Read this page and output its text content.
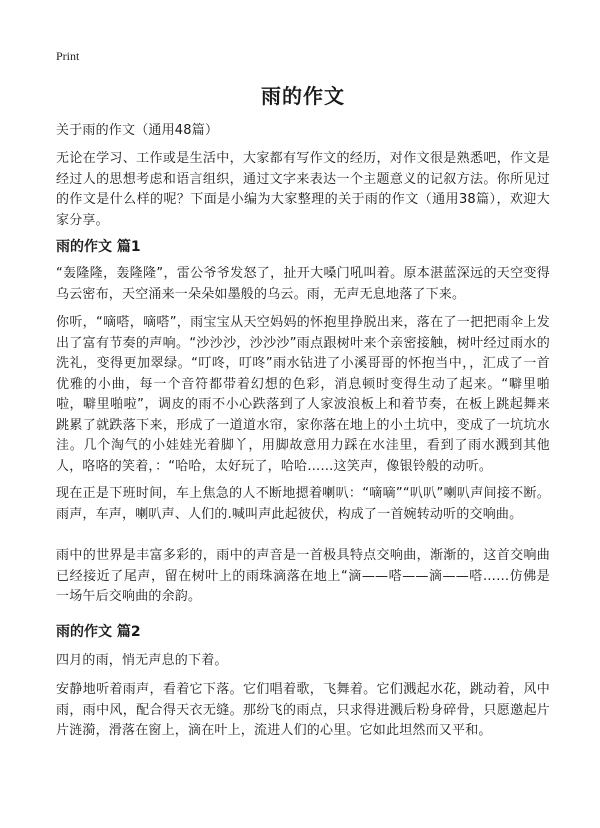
Print
雨的作文

关于雨的作文（通用48篇）

无论在学习、工作或是生活中，大家都有写作文的经历，对作文很是熟悉吧，作文是经过人的思想考虑和语言组织，通过文字来表达一个主题意义的记叙方法。你所见过的作文是什么样的呢？下面是小编为大家整理的关于雨的作文（通用38篇），欢迎大家分享。

雨的作文 篇1

“轰隆隆，轰隆隆”，雷公爷爷发怒了，扯开大嗓门吼叫着。原本湛蓝深远的天空变得乌云密布，天空涌来一朵朵如墨般的乌云。雨，无声无息地落了下来。

你听，“嘀嗒，嘀嗒”，雨宝宝从天空妈妈的怀抱里挣脱出来，落在了一把把雨伞上发出了富有节奏的声响。“沙沙沙，沙沙沙”雨点跟树叶来个亲密接触，树叶经过雨水的洗礼，变得更加翠绿。“叮咚，叮咚”雨水钻进了小溪哥哥的怀抱当中，，汇成了一首优雅的小曲，每一个音符都带着幻想的色彩，消息顿时变得生动了起来。“噼里啪啦，噼里啪啦”，调皮的雨不小心跌落到了人家波浪板上和着节奏，在板上跳起舞来跳累了就跌落下来，形成了一道道水帘，家你落在地上的小土坑中，变成了一坑坑水洼。几个淘气的小娃娃光着脚丫，用脚故意用力踩在水洼里，看到了雨水溅到其他人，咯咯的笑着，：“哈哈，太好玩了，哈哈……这笑声，像银铃般的动听。

现在正是下班时间，车上焦急的人不断地摁着喇叭：“嘀嘀”“叭叭”喇叭声间接不断。雨声，车声，喇叭声、人们的.喊叫声此起彼伏，构成了一首婉转动听的交响曲。

雨中的世界是丰富多彩的，雨中的声音是一首极具特点交响曲，渐渐的，这首交响曲已经接近了尾声，留在树叶上的雨珠滴落在地上“滴——嗒——滴——嗒……仿佛是一场午后交响曲的余韵。

雨的作文 篇2

四月的雨，悄无声息的下着。

安静地听着雨声，看着它下落。它们唱着歌，飞舞着。它们溅起水花，跳动着，风中雨，雨中风，配合得天衣无缝。那纷飞的雨点，只求得进溅后粉身碎骨，只愿邀起片片涟漪，滑落在窗上，滴在叶上，流进人们的心里。它如此坦然而又平和。
